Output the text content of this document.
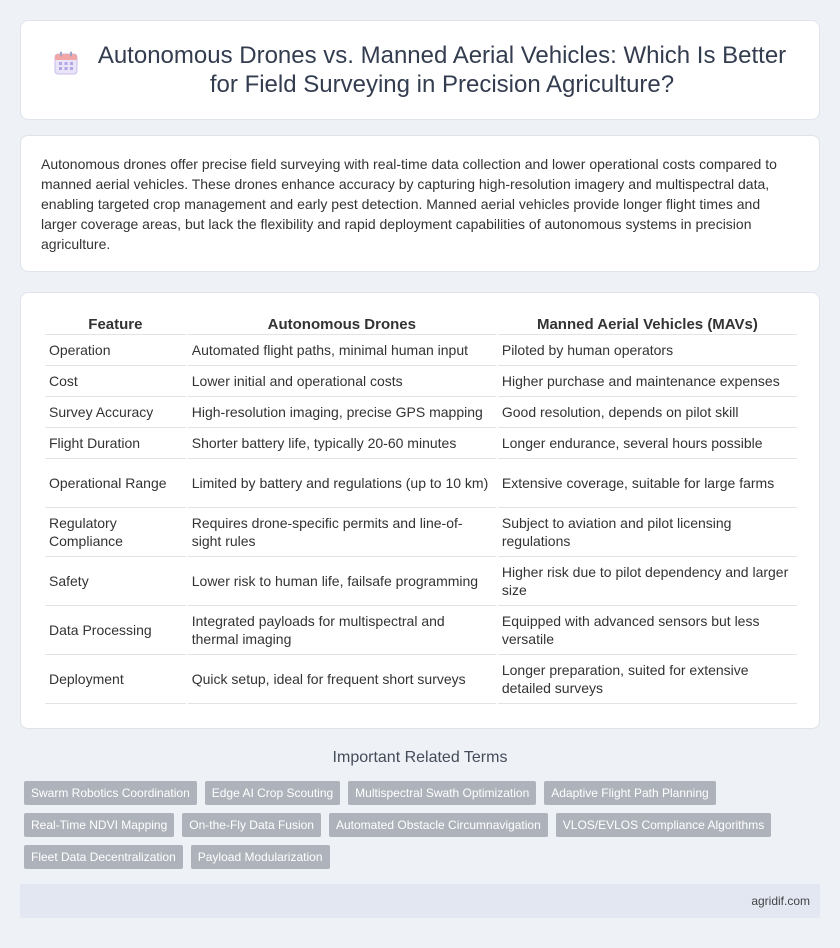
Autonomous Drones vs. Manned Aerial Vehicles: Which Is Better
for Field Surveying in Precision Agriculture?

Autonomous drones offer precise field surveying with real-time data collection and lower operational costs compared to manned aerial vehicles. These drones enhance accuracy by capturing high-resolution imagery and multispectral data, enabling targeted crop management and early pest detection. Manned aerial vehicles provide longer flight times and larger coverage areas, but lack the flexibility and rapid deployment capabilities of autonomous systems in precision agriculture.

Feature	Autonomous Drones	Manned Aerial Vehicles (MAVs)
Operation	Automated flight paths, minimal human input	Piloted by human operators
Cost	Lower initial and operational costs	Higher purchase and maintenance expenses
Survey Accuracy	High-resolution imaging, precise GPS mapping	Good resolution, depends on pilot skill
Flight Duration	Shorter battery life, typically 20-60 minutes	Longer endurance, several hours possible
Operational Range	Limited by battery and regulations (up to 10 km)	Extensive coverage, suitable for large farms
Regulatory Compliance	Requires drone-specific permits and line-of-sight rules	Subject to aviation and pilot licensing regulations
Safety	Lower risk to human life, failsafe programming	Higher risk due to pilot dependency and larger size
Data Processing	Integrated payloads for multispectral and thermal imaging	Equipped with advanced sensors but less versatile
Deployment	Quick setup, ideal for frequent short surveys	Longer preparation, suited for extensive detailed surveys
Important Related Terms
Swarm Robotics Coordination	Edge AI Crop Scouting	Multispectral Swath Optimization	Adaptive Flight Path Planning
Real-Time NDVI Mapping	On-the-Fly Data Fusion	Automated Obstacle Circumnavigation	VLOS/EVLOS Compliance Algorithms
Fleet Data Decentralization	Payload Modularization
agridif.com
